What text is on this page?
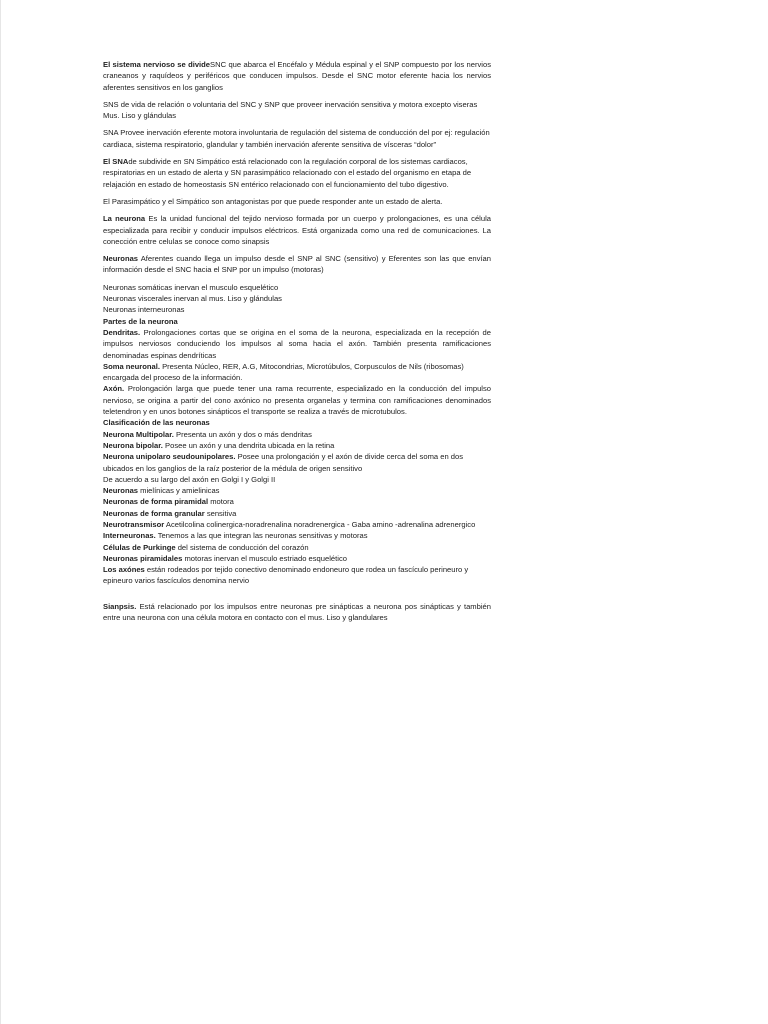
El sistema nervioso se divideSNC que abarca el Encéfalo y Médula espinal y el SNP compuesto por los nervios craneanos y raquídeos y periféricos que conducen impulsos. Desde el SNC motor eferente hacia los nervios aferentes sensitivos en los ganglios

SNS de vida de relación o voluntaria del SNC y SNP que proveer inervación sensitiva y motora excepto viseras Mus. Liso y glándulas

SNA Provee inervación eferente motora involuntaria de regulación del sistema de conducción del por ej: regulación cardiaca, sistema respiratorio, glandular y también inervación aferente sensitiva de vísceras “dolor”

El SNAde subdivide en SN Simpático está relacionado con la regulación corporal de los sistemas cardiacos, respiratorias en un estado de alerta y SN parasimpático relacionado con el estado del organismo en etapa de relajación en estado de homeostasis SN entérico relacionado con el funcionamiento del tubo digestivo.

El Parasimpático y el Simpático son antagonistas por que puede responder ante un estado de alerta.

La neurona Es la unidad funcional del tejido nervioso formada por un cuerpo y prolongaciones, es una célula especializada para recibir y conducir impulsos eléctricos. Está organizada como una red de comunicaciones. La conección entre celulas se conoce como sinapsis

Neuronas Aferentes cuando llega un impulso desde el SNP al SNC (sensitivo) y Eferentes son las que envían información desde el SNC hacia el SNP por un impulso (motoras)

Neuronas somáticas inervan el musculo esquelético

Neuronas viscerales inervan al mus. Liso y glándulas

Neuronas interneuronas

Partes de la neurona

Dendritas. Prolongaciones cortas que se origina en el soma de la neurona, especializada en la recepción de impulsos nerviosos conduciendo los impulsos al soma hacia el axón. También presenta ramificaciones denominadas espinas dendríticas

Soma neuronal. Presenta Núcleo, RER, A.G, Mitocondrias, Microtúbulos, Corpusculos de Nils (ribosomas) encargada del proceso de la información.

Axón. Prolongación larga que puede tener una rama recurrente, especializado en la conducción del impulso nervioso, se origina a partir del cono axónico no presenta organelas y termina con ramificaciones denominados teletendron y en unos botones sinápticos el transporte se realiza a través de microtubulos.

Clasificación de las neuronas

Neurona Multipolar. Presenta un axón y dos o más dendritas

Neurona bipolar. Posee un axón y una dendrita ubicada en la retina

Neurona unipolaro seudounipolares. Posee una prolongación y el axón de divide cerca del soma en dos ubicados en los ganglios de la raíz posterior de la médula de origen sensitivo

De acuerdo a su largo del axón en Golgi I y Golgi II

Neuronas mielínicas y amielinicas

Neuronas de forma piramidal motora

Neuronas de forma granular sensitiva

Neurotransmisor Acetilcolina colinergica-noradrenalina noradrenergica - Gaba amino -adrenalina adrenergico

Interneuronas. Tenemos a las que integran las neuronas sensitivas y motoras

Células de Purkinge del sistema de conducción del corazón

Neuronas piramidales motoras inervan el musculo estriado esquelético

Los axónes están rodeados por tejido conectivo denominado endoneuro que rodea un fascículo perineuro y epineuro varios fascículos denomina nervio

Sianpsis. Está relacionado por los impulsos entre neuronas pre sinápticas a neurona pos sinápticas y también entre una neurona con una célula motora en contacto con el mus. Liso y glandulares
